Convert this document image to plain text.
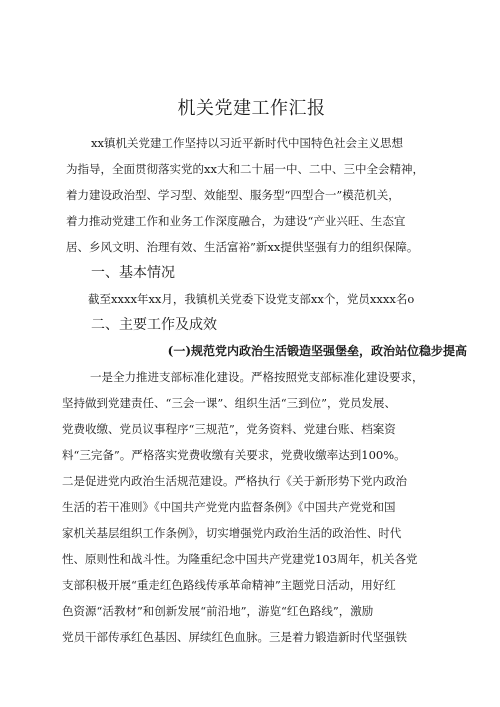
机关党建工作汇报
xx镇机关党建工作坚持以习近平新时代中国特色社会主义思想
为指导，全面贯彻落实党的xx大和二十届一中、二中、三中全会精神，
着力建设政治型、学习型、效能型、服务型“四型合一”模范机关，
着力推动党建工作和业务工作深度融合，为建设“产业兴旺、生态宜
居、乡风文明、治理有效、生活富裕”新xx提供坚强有力的组织保障。
一、基本情况
截至xxxx年xx月，我镇机关党委下设党支部xx个，党员xxxx名o
二、主要工作及成效
(一)规范党内政治生活锻造坚强堡垒，政治站位稳步提高
一是全力推进支部标准化建设。严格按照党支部标准化建设要求，
坚持做到党建责任、“三会一课”、组织生活“三到位”，党员发展、
党费收缴、党员议事程序“三规范”，党务资料、党建台账、档案资
料“三完备”。严格落实党费收缴有关要求，党费收缴率达到100%。
二是促进党内政治生活规范建设。严格执行《关于新形势下党内政治
生活的若干准则》《中国共产党党内监督条例》《中国共产党党和国
家机关基层组织工作条例》，切实增强党内政治生活的政治性、时代
性、原则性和战斗性。为隆重纪念中国共产党建党103周年，机关各党
支部积极开展“重走红色路线传承革命精神”主题党日活动，用好红
色资源“活教材”和创新发展“前沿地”，游览“红色路线”，激励
党员干部传承红色基因、屏续红色血脉。三是着力锻造新时代坚强铁
